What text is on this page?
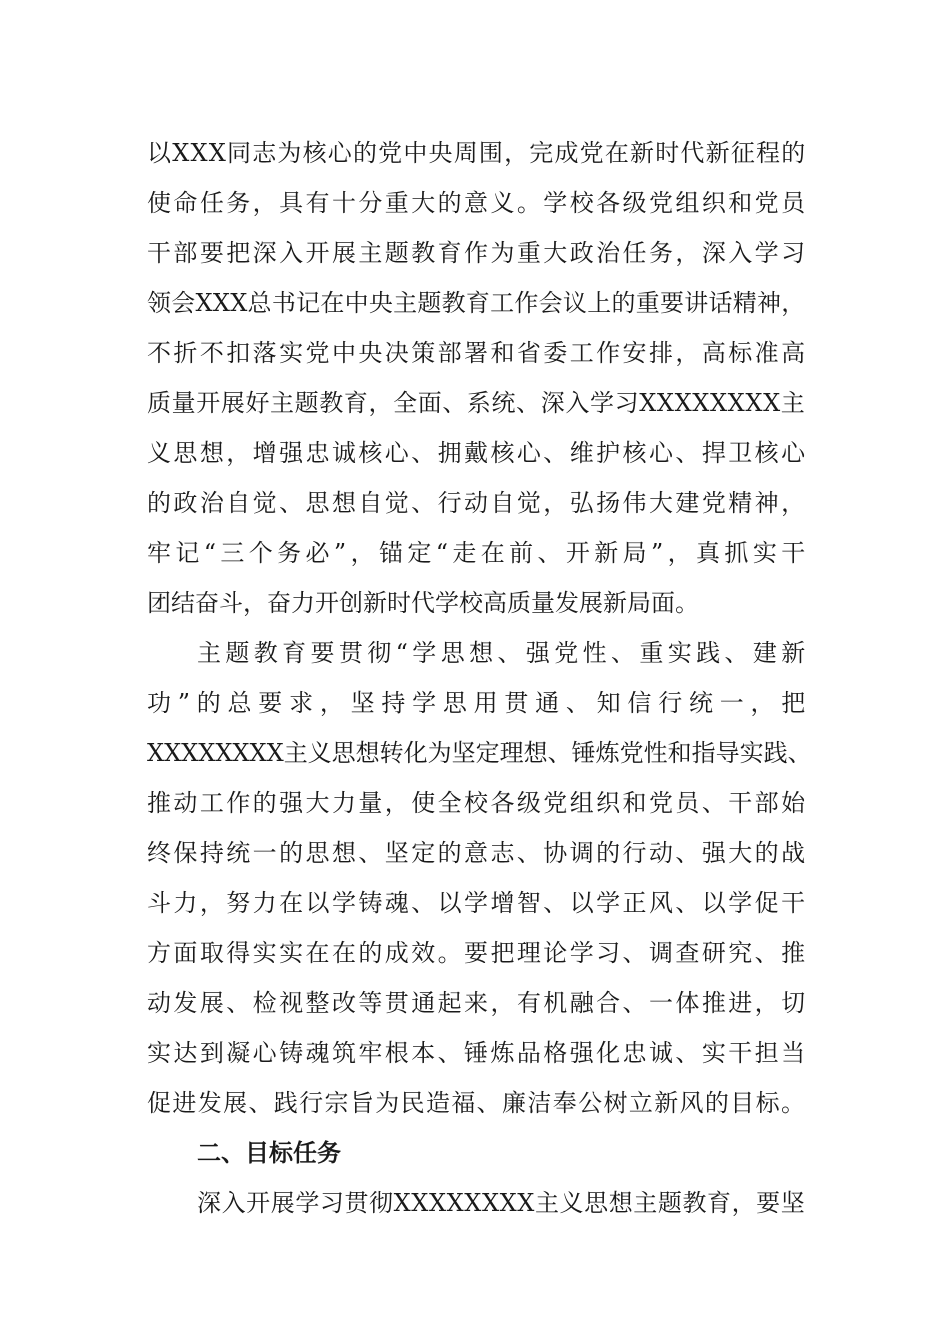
以XXX同志为核心的党中央周围，完成党在新时代新征程的
使命任务，具有十分重大的意义。学校各级党组织和党员
干部要把深入开展主题教育作为重大政治任务，深入学习
领会XXX总书记在中央主题教育工作会议上的重要讲话精神，
不折不扣落实党中央决策部署和省委工作安排，高标准高
质量开展好主题教育，全面、系统、深入学习XXXXXXXX主
义思想，增强忠诚核心、拥戴核心、维护核心、捍卫核心
的政治自觉、思想自觉、行动自觉，弘扬伟大建党精神，
牢记“三个务必”，锚定“走在前、开新局”，真抓实干
团结奋斗，奋力开创新时代学校高质量发展新局面。
主题教育要贯彻“学思想、强党性、重实践、建新
功”的总要求，坚持学思用贯通、知信行统一，把
XXXXXXXX主义思想转化为坚定理想、锤炼党性和指导实践、
推动工作的强大力量，使全校各级党组织和党员、干部始
终保持统一的思想、坚定的意志、协调的行动、强大的战
斗力，努力在以学铸魂、以学增智、以学正风、以学促干
方面取得实实在在的成效。要把理论学习、调查研究、推
动发展、检视整改等贯通起来，有机融合、一体推进，切
实达到凝心铸魂筑牢根本、锤炼品格强化忠诚、实干担当
促进发展、践行宗旨为民造福、廉洁奉公树立新风的目标。
二、目标任务
深入开展学习贯彻XXXXXXXX主义思想主题教育，要坚
